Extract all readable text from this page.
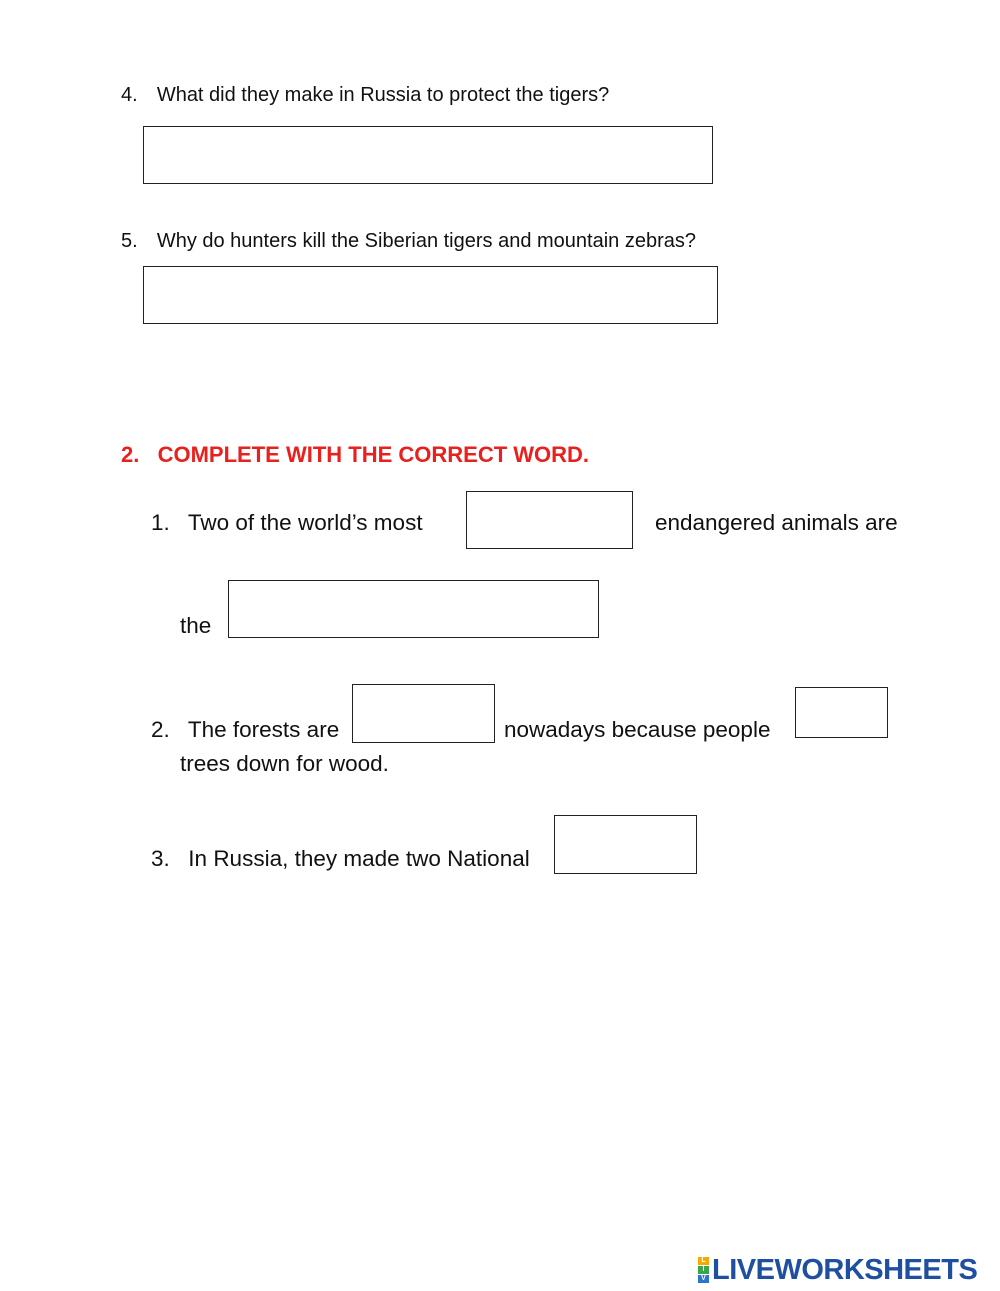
4. What did they make in Russia to protect the tigers?
5. Why do hunters kill the Siberian tigers and mountain zebras?
2. COMPLETE WITH THE CORRECT WORD.
1. Two of the world’s most	endangered animals are
the
2. The forests are	nowadays because people
trees down for wood.
3. In Russia, they made two National
L
I
V LIVEWORKSHEETS
